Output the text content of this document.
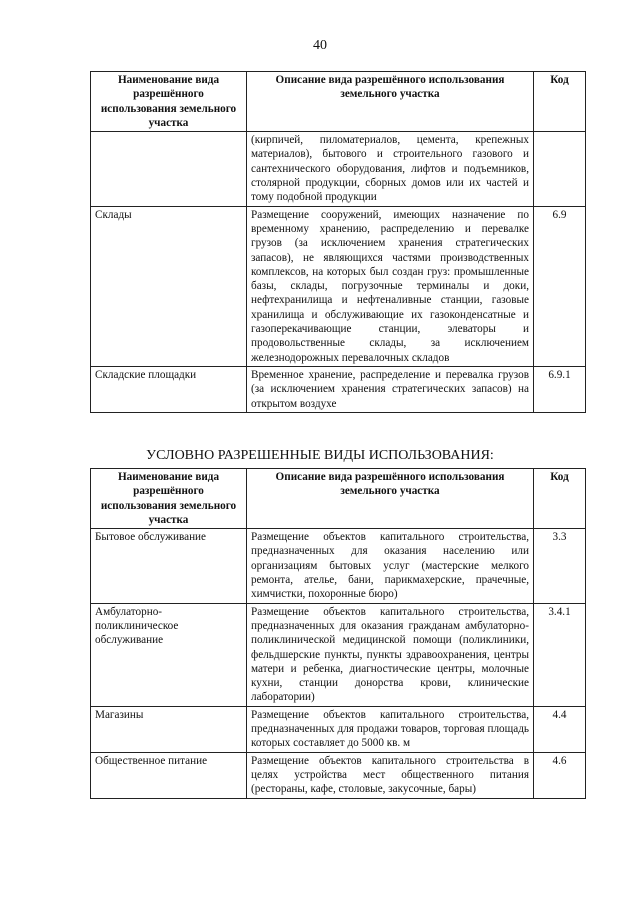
40
Наименование вида разрешённого использования земельного участка	Описание вида разрешённого использования земельного участка	Код
	(кирпичей, пиломатериалов, цемента, крепежных материалов), бытового и строительного газового и сантехнического оборудования, лифтов и подъемников, столярной продукции, сборных домов или их частей и тому подобной продукции	
Склады	Размещение сооружений, имеющих назначение по временному хранению, распределению и перевалке грузов (за исключением хранения стратегических запасов), не являющихся частями производственных комплексов, на которых был создан груз: промышленные базы, склады, погрузочные терминалы и доки, нефтехранилища и нефтеналивные станции, газовые хранилища и обслуживающие их газоконденсатные и газоперекачивающие станции, элеваторы и продовольственные склады, за исключением железнодорожных перевалочных складов	6.9
Складские площадки	Временное хранение, распределение и перевалка грузов (за исключением хранения стратегических запасов) на открытом воздухе	6.9.1
УСЛОВНО РАЗРЕШЕННЫЕ ВИДЫ ИСПОЛЬЗОВАНИЯ:
Наименование вида разрешённого использования земельного участка	Описание вида разрешённого использования земельного участка	Код
Бытовое обслуживание	Размещение объектов капитального строительства, предназначенных для оказания населению или организациям бытовых услуг (мастерские мелкого ремонта, ателье, бани, парикмахерские, прачечные, химчистки, похоронные бюро)	3.3
Амбулаторно-поликлиническое обслуживание	Размещение объектов капитального строительства, предназначенных для оказания гражданам амбулаторно-поликлинической медицинской помощи (поликлиники, фельдшерские пункты, пункты здравоохранения, центры матери и ребенка, диагностические центры, молочные кухни, станции донорства крови, клинические лаборатории)	3.4.1
Магазины	Размещение объектов капитального строительства, предназначенных для продажи товаров, торговая площадь которых составляет до 5000 кв. м	4.4
Общественное питание	Размещение объектов капитального строительства в целях устройства мест общественного питания (рестораны, кафе, столовые, закусочные, бары)	4.6
